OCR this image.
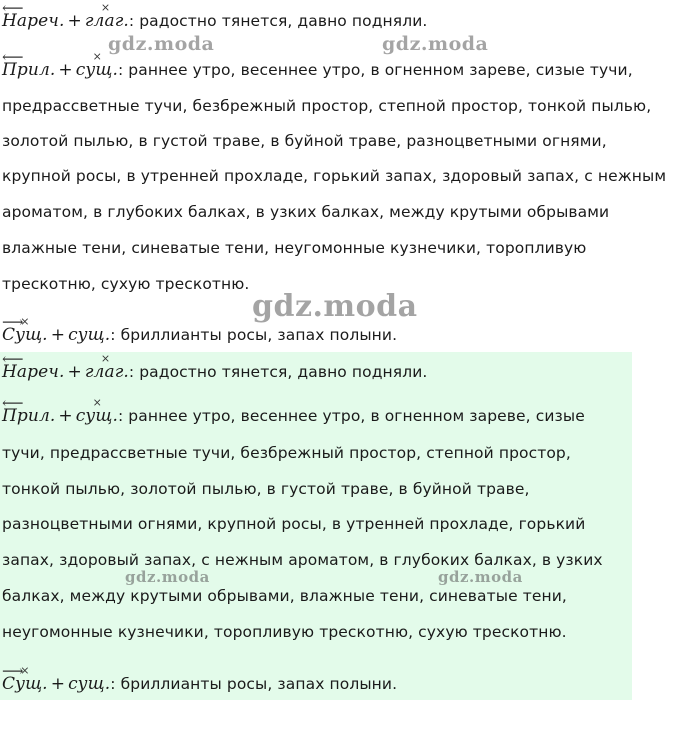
Нареч. ⟵ + глаг. ×: радостно тянется, давно подняли.
Прил. ⟵ + сущ. ×: раннее утро, весеннее утро, в огненном зареве, сизые тучи,
предрассветные тучи, безбрежный простор, степной простор, тонкой пылью,
золотой пылью, в густой траве, в буйной траве, разноцветными огнями,
крупной росы, в утренней прохладе, горький запах, здоровый запах, с нежным
ароматом, в глубоких балках, в узких балках, между крутыми обрывами
влажные тени, синеватые тени, неугомонные кузнечики, торопливую
трескотню, сухую трескотню.
Сущ. × ⟶ + сущ.: бриллианты росы, запах полыни.
gdz.moda	gdz.moda
gdz.moda
Нареч. ⟵ + глаг. ×: радостно тянется, давно подняли.
Прил. ⟵ + сущ. ×: раннее утро, весеннее утро, в огненном зареве, сизые
тучи, предрассветные тучи, безбрежный простор, степной простор,
тонкой пылью, золотой пылью, в густой траве, в буйной траве,
разноцветными огнями, крупной росы, в утренней прохладе, горький
запах, здоровый запах, с нежным ароматом, в глубоких балках, в узких
балках, между крутыми обрывами, влажные тени, синеватые тени,
неугомонные кузнечики, торопливую трескотню, сухую трескотню.
Сущ. × ⟶ + сущ.: бриллианты росы, запах полыни.
gdz.moda	gdz.moda
